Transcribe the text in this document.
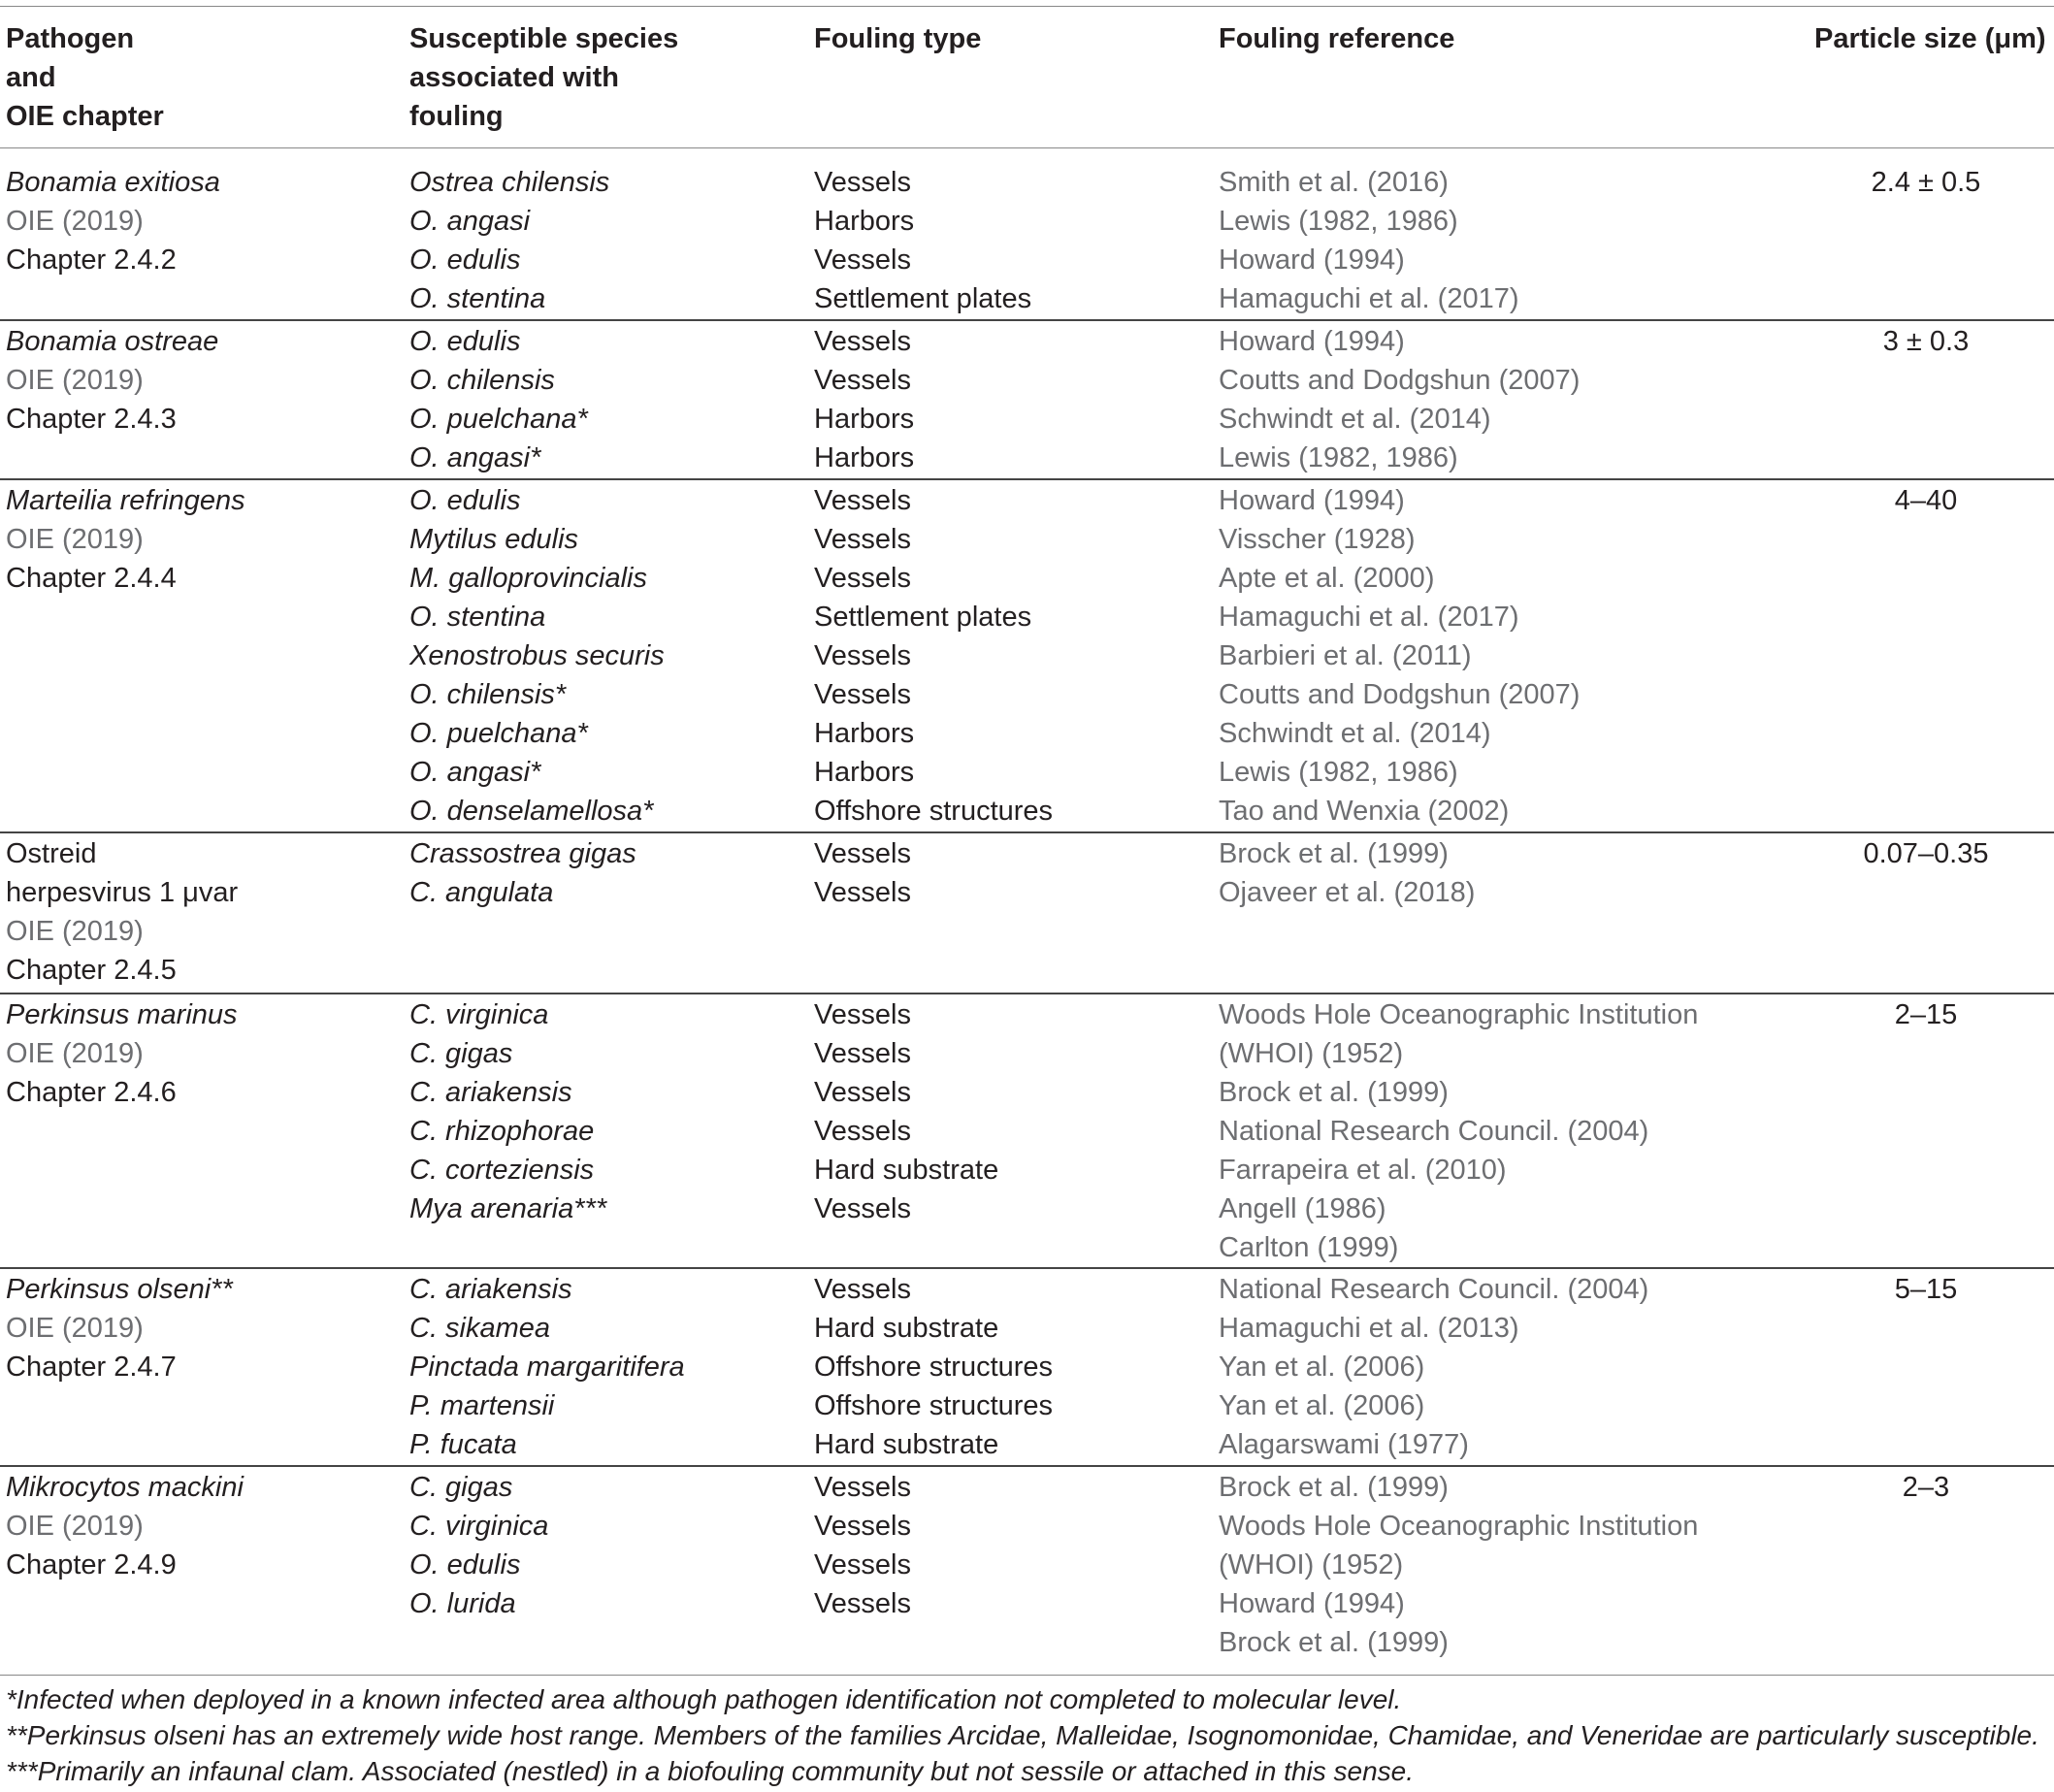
Pathogen
and
OIE chapter
Susceptible species
associated with
fouling
Fouling type	Fouling reference	Particle size (μm)
Bonamia exitiosa
OIE (2019)
Chapter 2.4.2
Ostrea chilensis
O. angasi
O. edulis
O. stentina
Vessels
Harbors
Vessels
Settlement plates
Smith et al. (2016)
Lewis (1982, 1986)
Howard (1994)
Hamaguchi et al. (2017)
2.4 ± 0.5
Bonamia ostreae
OIE (2019)
Chapter 2.4.3
O. edulis
O. chilensis
O. puelchana*
O. angasi*
Vessels
Vessels
Harbors
Harbors
Howard (1994)
Coutts and Dodgshun (2007)
Schwindt et al. (2014)
Lewis (1982, 1986)
3 ± 0.3
Marteilia refringens
OIE (2019)
Chapter 2.4.4
O. edulis
Mytilus edulis
M. galloprovincialis
O. stentina
Xenostrobus securis
O. chilensis*
O. puelchana*
O. angasi*
O. denselamellosa*
Vessels
Vessels
Vessels
Settlement plates
Vessels
Vessels
Harbors
Harbors
Offshore structures
Howard (1994)
Visscher (1928)
Apte et al. (2000)
Hamaguchi et al. (2017)
Barbieri et al. (2011)
Coutts and Dodgshun (2007)
Schwindt et al. (2014)
Lewis (1982, 1986)
Tao and Wenxia (2002)
4–40
Ostreid
herpesvirus 1 μvar
OIE (2019)
Chapter 2.4.5
Crassostrea gigas
C. angulata
Vessels
Vessels
Brock et al. (1999)
Ojaveer et al. (2018)
0.07–0.35
Perkinsus marinus
OIE (2019)
Chapter 2.4.6
C. virginica
C. gigas
C. ariakensis
C. rhizophorae
C. corteziensis
Mya arenaria***
Vessels
Vessels
Vessels
Vessels
Hard substrate
Vessels
Woods Hole Oceanographic Institution
(WHOI) (1952)
Brock et al. (1999)
National Research Council. (2004)
Farrapeira et al. (2010)
Angell (1986)
Carlton (1999)
2–15
Perkinsus olseni**
OIE (2019)
Chapter 2.4.7
C. ariakensis
C. sikamea
Pinctada margaritifera
P. martensii
P. fucata
Vessels
Hard substrate
Offshore structures
Offshore structures
Hard substrate
National Research Council. (2004)
Hamaguchi et al. (2013)
Yan et al. (2006)
Yan et al. (2006)
Alagarswami (1977)
5–15
Mikrocytos mackini
OIE (2019)
Chapter 2.4.9
C. gigas
C. virginica
O. edulis
O. lurida
Vessels
Vessels
Vessels
Vessels
Brock et al. (1999)
Woods Hole Oceanographic Institution
(WHOI) (1952)
Howard (1994)
Brock et al. (1999)
2–3
*Infected when deployed in a known infected area although pathogen identification not completed to molecular level.
**Perkinsus olseni has an extremely wide host range. Members of the families Arcidae, Malleidae, Isognomonidae, Chamidae, and Veneridae are particularly susceptible.
***Primarily an infaunal clam. Associated (nestled) in a biofouling community but not sessile or attached in this sense.
